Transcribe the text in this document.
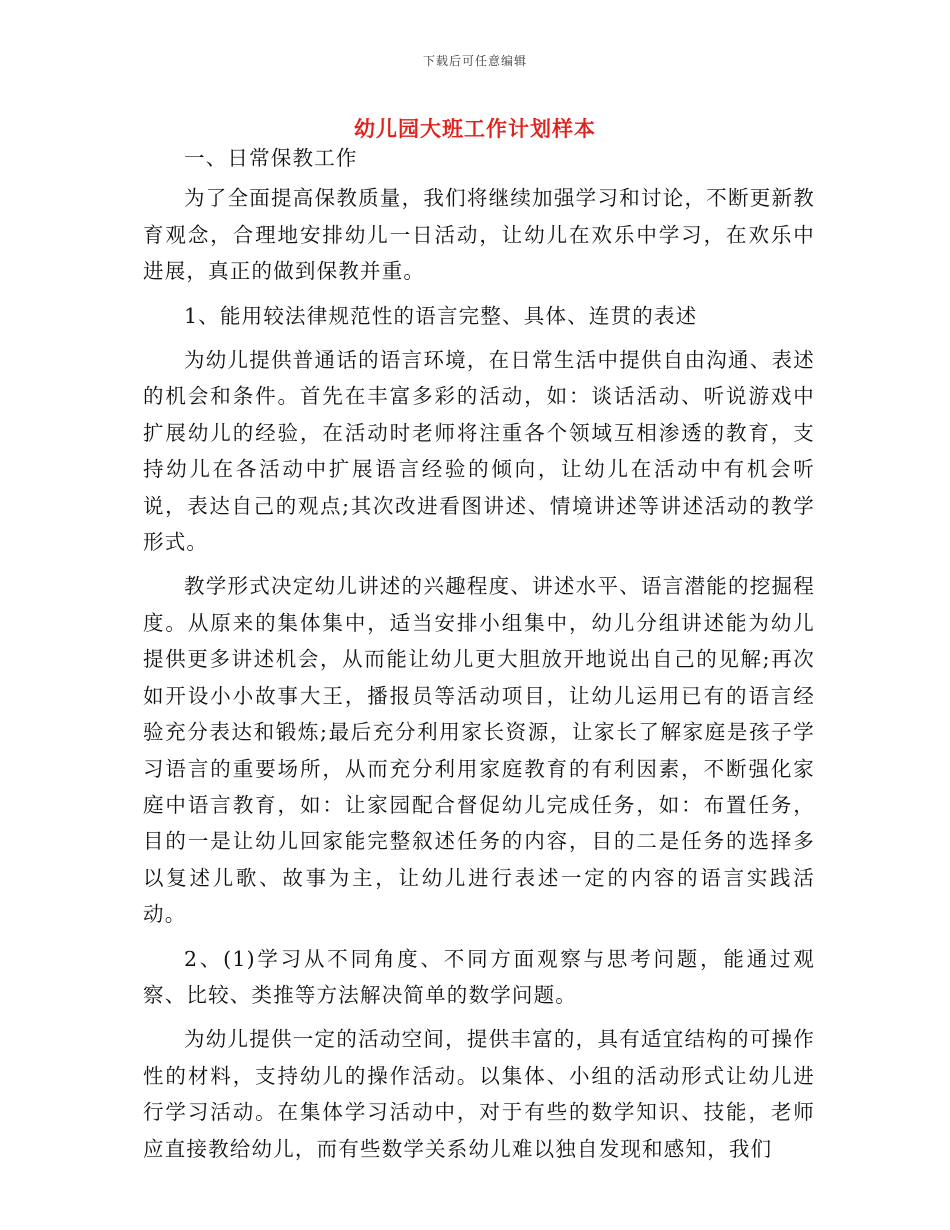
下载后可任意编辑
幼儿园大班工作计划样本

一、日常保教工作

为了全面提高保教质量，我们将继续加强学习和讨论，不断更新教育观念，合理地安排幼儿一日活动，让幼儿在欢乐中学习，在欢乐中进展，真正的做到保教并重。

1、能用较法律规范性的语言完整、具体、连贯的表述

为幼儿提供普通话的语言环境，在日常生活中提供自由沟通、表述的机会和条件。首先在丰富多彩的活动，如：谈话活动、听说游戏中扩展幼儿的经验，在活动时老师将注重各个领域互相渗透的教育，支持幼儿在各活动中扩展语言经验的倾向，让幼儿在活动中有机会听说，表达自己的观点;其次改进看图讲述、情境讲述等讲述活动的教学形式。

教学形式决定幼儿讲述的兴趣程度、讲述水平、语言潜能的挖掘程度。从原来的集体集中，适当安排小组集中，幼儿分组讲述能为幼儿提供更多讲述机会，从而能让幼儿更大胆放开地说出自己的见解;再次如开设小小故事大王，播报员等活动项目，让幼儿运用已有的语言经验充分表达和锻炼;最后充分利用家长资源，让家长了解家庭是孩子学习语言的重要场所，从而充分利用家庭教育的有利因素，不断强化家庭中语言教育，如：让家园配合督促幼儿完成任务，如：布置任务，目的一是让幼儿回家能完整叙述任务的内容，目的二是任务的选择多以复述儿歌、故事为主，让幼儿进行表述一定的内容的语言实践活动。

2、(1)学习从不同角度、不同方面观察与思考问题，能通过观察、比较、类推等方法解决简单的数学问题。

为幼儿提供一定的活动空间，提供丰富的，具有适宜结构的可操作性的材料，支持幼儿的操作活动。以集体、小组的活动形式让幼儿进行学习活动。在集体学习活动中，对于有些的数学知识、技能，老师应直接教给幼儿，而有些数学关系幼儿难以独自发现和感知，我们
